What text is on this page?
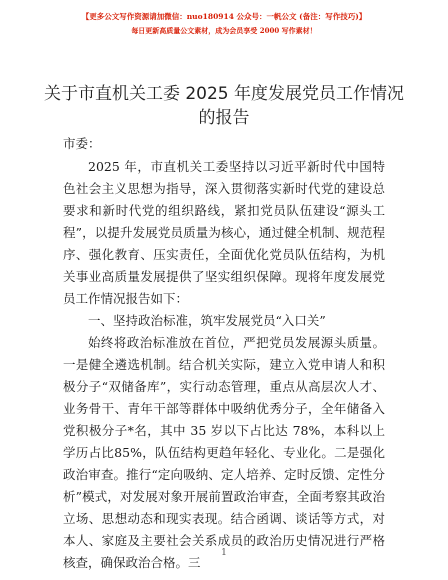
【更多公文写作资源请加微信：nuo180914 公众号：一帆公文 (备注：写作技巧)】
每日更新高质量公文素材，成为会员享受 2000 写作素材！
关于市直机关工委 2025 年度发展党员工作情况的报告
市委：

2025 年，市直机关工委坚持以习近平新时代中国特色社会主义思想为指导，深入贯彻落实新时代党的建设总要求和新时代党的组织路线，紧扣党员队伍建设“源头工程”，以提升发展党员质量为核心，通过健全机制、规范程序、强化教育、压实责任，全面优化党员队伍结构，为机关事业高质量发展提供了坚实组织保障。现将年度发展党员工作情况报告如下：

一、坚持政治标准，筑牢发展党员“入口关”

始终将政治标准放在首位，严把党员发展源头质量。一是健全遴选机制。结合机关实际，建立入党申请人和积极分子“双储备库”，实行动态管理，重点从高层次人才、业务骨干、青年干部等群体中吸纳优秀分子，全年储备入党积极分子*名，其中 35 岁以下占比达 78%，本科以上学历占比85%，队伍结构更趋年轻化、专业化。二是强化政治审查。推行“定向吸纳、定人培养、定时反馈、定性分析”模式，对发展对象开展前置政治审查，全面考察其政治立场、思想动态和现实表现。结合函调、谈话等方式，对本人、家庭及主要社会关系成员的政治历史情况进行严格核查，确保政治合格。三

1
